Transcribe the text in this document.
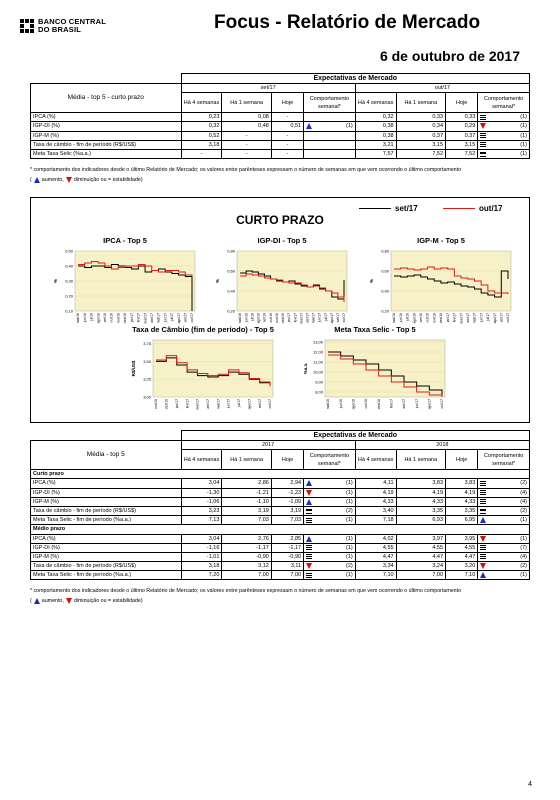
BANCO CENTRAL
DO BRASIL	Focus - Relatório de Mercado
6 de outubro de 2017
	Expectativas de Mercado							
Média - top 5 - curto prazo	set/17				out/17			
	Há 4 semanas	Há 1 semana	Hoje	Comportamento semanal*	Há 4 semanas	Há 1 semana	Hoje	Comportamento semanal*
IPCA (%)	0,23	0,08	-		0,32	0,33	0,33	(1)

IGP-DI (%)	0,32	0,48	0,51	(1)	0,38	0,34	0,29	(1)

IGP-M (%)	0,52	-	-		0,38	0,37	0,37	(1)

Taxa de câmbio - fim de período (R$/US$)	3,18	-	-		3,21	3,15	3,15	(1)

Meta Taxa Selic (%a.a.)	-	-	-		7,57	7,52	7,52	(1)
* comportamento dos indicadores desde o último Relatório de Mercado; os valores entre parênteses expressam o número de semanas em que vem ocorrendo o último comportamento
( aumento, diminuição ou = estabilidade)
set/17	out/17
CURTO PRAZO
IPCA - Top 5
0,10
0,20
0,30
0,40
0,50
%
mai/16 jun/16 jul/16 ago/16 set/16 out/16 nov/16 dez/16 jan/17 fev/17 mar/17 abr/17 mai/17 jun/17 jul/17 ago/17 set/17 out/17
IGP-DI - Top 5
0,20
0,40
0,60
0,80
%
mai/16 jun/16 jul/16 ago/16 set/16 out/16 nov/16 dez/16 jan/17 fev/17 mar/17 abr/17 mai/17 jun/17 jul/17 ago/17 set/17 out/17
IGP-M - Top 5
0,20
0,40
0,60
0,80
%
mai/16 jun/16 jul/16 ago/16 set/16 out/16 nov/16 dez/16 jan/17 fev/17 mar/17 abr/17 mai/17 jun/17 jul/17 ago/17 set/17 out/17
Taxa de Câmbio (fim de período) - Top 5
3,00
3,25
3,50
3,75
R$/US$
nov/16 dez/16 jan/17 fev/17 mar/17 abr/17 mai/17 jun/17 jul/17 ago/17 set/17 out/17
Meta Taxa Selic - Top 5
8,00
9,00
10,00
11,00
12,00
13,00
%a.a.
mai/16	jun/16	ago/16	out/16	dez/16	fev/17	abr/17	jun/17	ago/17	out/17
	Expectativas de Mercado							
Média - top 5	2017				2018			
	Há 4 semanas	Há 1 semana	Hoje	Comportamento semanal*	Há 4 semanas	Há 1 semana	Hoje	Comportamento semanal*
Curto prazo								
IPCA (%)	3,04	2,86	2,94	(1)	4,11	3,83	3,83	(2)

IGP-DI (%)	-1,30	-1,21	-1,23	(1)	4,19	4,19	4,19	(4)

IGP-M (%)	-1,06	-1,10	-1,09	(1)	4,33	4,33	4,33	(4)

Taxa de câmbio - fim de período (R$/US$)	3,23	3,19	3,19	(2)	3,40	3,35	3,35	(2)

Meta Taxa Selic - fim de período (%a.a.)	7,13	7,03	7,03	(1)	7,18	6,93	6,95	(1)

Médio prazo								
IPCA (%)	3,04	2,76	2,85	(1)	4,02	3,97	3,95	(1)

IGP-DI (%)	-1,16	-1,17	-1,17	(1)	4,55	4,55	4,55	(7)

IGP-M (%)	-1,01	-0,90	-0,90	(1)	4,47	4,47	4,47	(4)

Taxa de câmbio - fim de período (R$/US$)	3,18	3,12	3,11	(2)	3,34	3,24	3,20	(2)

Meta Taxa Selic - fim de período (%a.a.)	7,20	7,00	7,00	(1)	7,10	7,00	7,10	(1)
* comportamento dos indicadores desde o último Relatório de Mercado; os valores entre parênteses expressam o número de semanas em que vem ocorrendo o último comportamento
( aumento, diminuição ou = estabilidade)
4
